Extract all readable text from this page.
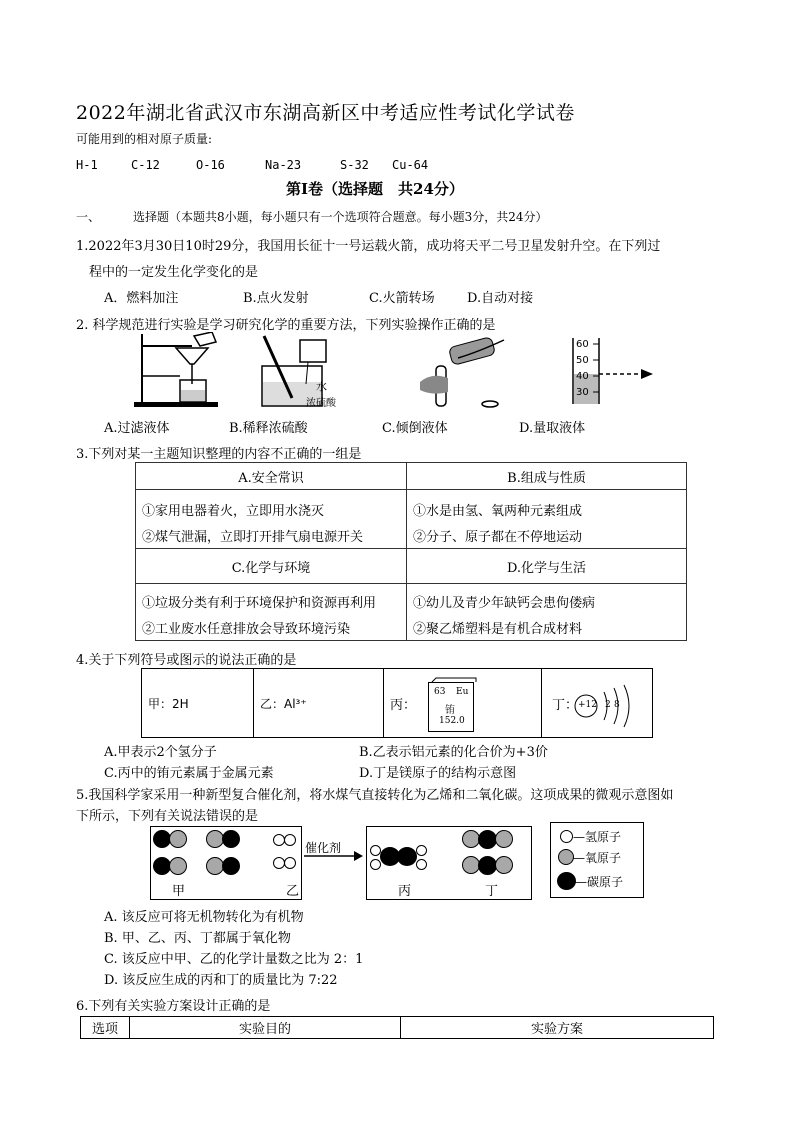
2022年湖北省武汉市东湖高新区中考适应性考试化学试卷
可能用到的相对原子质量:
H-1	C-12	O-16	Na-23	S-32 Cu-64
第Ⅰ卷（选择题　共24分）
一、	选择题（本题共8小题，每小题只有一个选项符合题意。每小题3分，共24分）
1.2022年3月30日10时29分，我国用长征十一号运载火箭，成功将天平二号卫星发射升空。在下列过
程中的一定发生化学变化的是
A．燃料加注	B.点火发射	C.火箭转场 D.自动对接
2. 科学规范进行实验是学习研究化学的重要方法，下列实验操作正确的是
水
浓硫酸
60
50
40
30
A.过滤液体	B.稀释浓硫酸	C.倾倒液体	D.量取液体
3.下列对某一主题知识整理的内容不正确的一组是
A.安全常识	B.组成与性质
①家用电器着火，立即用水浇灭	①水是由氢、氧两种元素组成
②煤气泄漏，立即打开排气扇电源开关	②分子、原子都在不停地运动
C.化学与环境	D.化学与生活
①垃圾分类有利于环境保护和资源再利用	①幼儿及青少年缺钙会患佝偻病
②工业废水任意排放会导致环境污染	②聚乙烯塑料是有机合成材料
4.关于下列符号或图示的说法正确的是
甲：2H	乙：Al³⁺	丙：	丁：
63 Eu
铕
152.0
+12 2 8
A.甲表示2个氢分子	B.乙表示铝元素的化合价为+3价
C.丙中的铕元素属于金属元素	D.丁是镁原子的结构示意图
5.我国科学家采用一种新型复合催化剂，将水煤气直接转化为乙烯和二氧化碳。这项成果的微观示意图如
下所示，下列有关说法错误的是
甲	乙
催化剂
丙	丁
—氢原子
—氧原子
—碳原子
A. 该反应可将无机物转化为有机物
B. 甲、乙、丙、丁都属于氧化物
C. 该反应中甲、乙的化学计量数之比为 2：1
D. 该反应生成的丙和丁的质量比为 7:22
6.下列有关实验方案设计正确的是
选项	实验目的	实验方案
